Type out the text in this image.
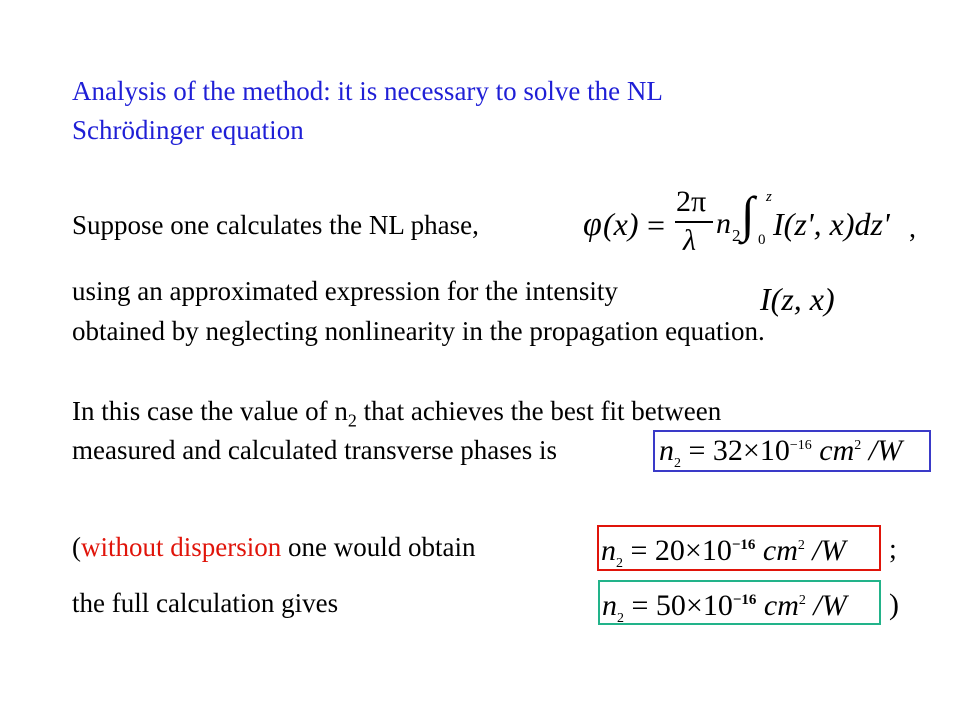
Analysis of the method: it is necessary to solve the NL
Schrödinger equation
Suppose one calculates the NL phase,	φ (x) =
2π
λ
n 2 ∫ z
0 I(z', x)dz' ,
using an approximated expression for the intensity	I(z, x)
obtained by neglecting nonlinearity in the propagation equation.
In this case the value of $n_2$ that achieves the best fit between
measured and calculated transverse phases is	$n_2 = 32\times 10^{-16}$ $cm^2$ /W
(without dispersion one would obtain	$n_2 = 20\times 10^{-16}$ $cm^2$ /W ;
the full calculation gives	$n_2 = 50\times 10^{-16}$ $cm^2$ /W )
